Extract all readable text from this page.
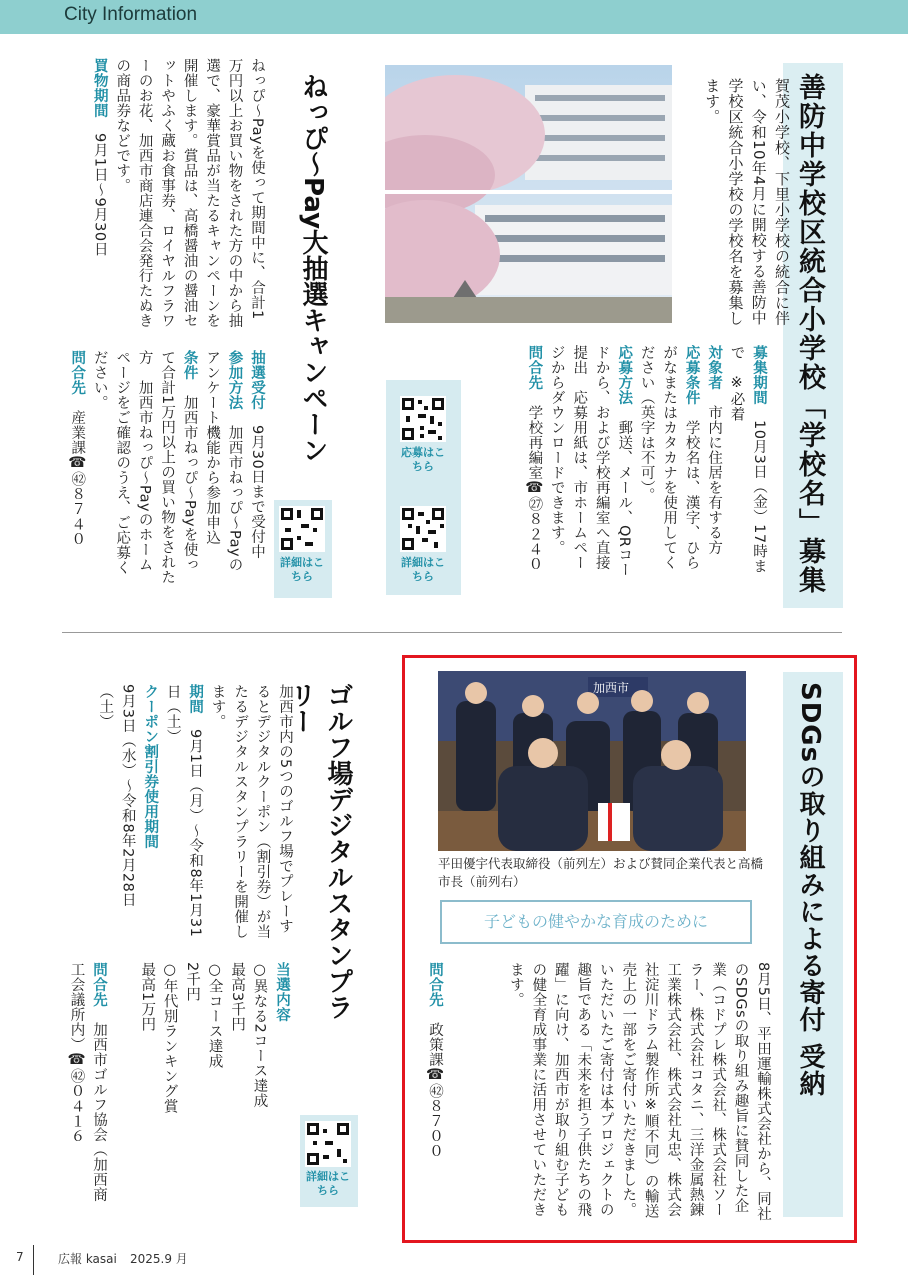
City Information
善防中学校区統合小学校「学校名」募集

賀茂小学校、下里小学校の統合に伴い、令和10年4月に開校する善防中学校区統合小学校の学校名を募集します。

募集期間　10月3日（金）17時まで　※必着

対象者　市内に住居を有する方

応募条件　学校名は、漢字、ひらがなまたはカタカナを使用してください（英字は不可）。

応募方法　郵送、メール、QRコードから、および学校再編室へ直接提出　応募用紙は、市ホームページからダウンロードできます。

問合先　学校再編室☎㉗８２４０

応募はこちら
詳細はこちら
ねっぴ～Pay大抽選キャンペーン

ねっぴ～Payを使って期間中に、合計1万円以上お買い物をされた方の中から抽選で、豪華賞品が当たるキャンペーンを開催します。賞品は、高橋醤油の醤油セットやふく蔵お食事券、ロイヤルフラワーのお花、加西市商店連合会発行たぬきの商品券などです。

買物期間　9月1日～9月30日

抽選受付　9月30日まで受付中

参加方法　加西市ねっぴ～Payのアンケート機能から参加申込

条件　加西市ねっぴ～Payを使って合計1万円以上の買い物をされた方　加西市ねっぴ～Payのホームページをご確認のうえ、ご応募ください。

問合先　産業課☎㊷８７４０

詳細はこちら
SDGsの取り組みによる寄付 受納
加西市
平田優宇代表取締役（前列左）および賛同企業代表と高橋市長（前列右）
子どもの健やかな育成のために

8月5日、平田運輸株式会社から、同社のSDGsの取り組み趣旨に賛同した企業（コドプレ株式会社、株式会社ソーラー、株式会社コタニ、三洋金属熱錬工業株式会社、株式会社丸忠、株式会社淀川ドラム製作所※順不同）の輸送売上の一部をご寄付いただきました。

いただいたご寄付は本プロジェクトの趣旨である「未来を担う子供たちの飛躍」に向け、加西市が取り組む子どもの健全育成事業に活用させていただきます。

問合先　政策課☎㊷８７００

ゴルフ場デジタルスタンプラリー

加西市内の5つのゴルフ場でプレーするとデジタルクーポン（割引券）が当たるデジタルスタンプラリーを開催します。

期間　9月1日（月）～令和8年1月31日（土）

クーポン割引券使用期間

9月3日（水）～令和8年2月28日（土）

当選内容

○異なる2コース達成

最高3千円

○全コース達成

2千円

○年代別ランキング賞

最高1万円

問合先　加西市ゴルフ協会（加西商工会議所内）☎㊷０４１６

詳細はこちら
7	広報 kasai 2025.9 月
